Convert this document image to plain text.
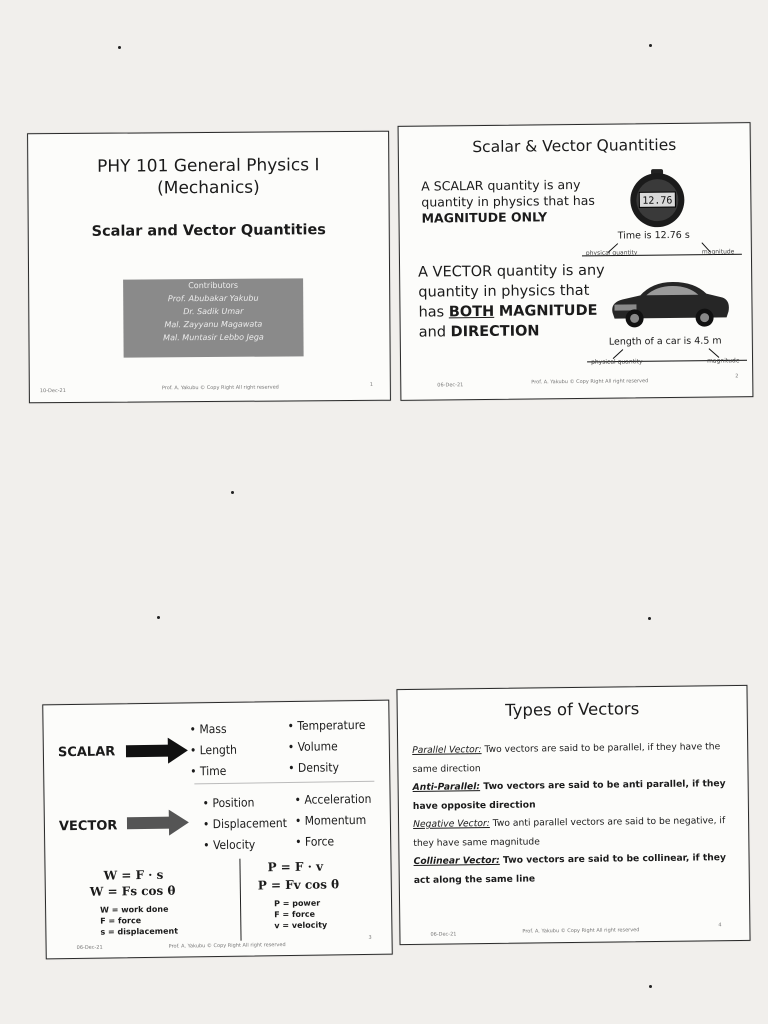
PHY 101 General Physics I
(Mechanics)
Scalar and Vector Quantities
Contributors
Prof. Abubakar Yakubu
Dr. Sadik Umar
Mal. Zayyanu Magawata
Mal. Muntasir Lebbo Jega
10-Dec-21	Prof. A. Yakubu © Copy Right All right reserved	1
Scalar & Vector Quantities
A SCALAR quantity is any quantity in physics that has MAGNITUDE ONLY
12.76
Time is 12.76 s
physical quantity	magnitude
A VECTOR quantity is any quantity in physics that has BOTH MAGNITUDE and DIRECTION
Length of a car is 4.5 m
physical quantity	magnitude
06-Dec-21	Prof. A. Yakubu © Copy Right All right reserved
2
SCALAR
• Mass
• Length
• Time
• Temperature
• Volume
• Density
VECTOR
• Position
• Displacement
• Velocity
• Acceleration
• Momentum
• Force
W = F · s
W = Fs cos θ
W = work done
F = force
s = displacement
P = F · v
P = Fv cos θ
P = power
F = force
v = velocity
06-Dec-21	Prof. A. Yakubu © Copy Right All right reserved
3
Types of Vectors
Parallel Vector: Two vectors are said to be parallel, if they have the same direction
Anti-Parallel: Two vectors are said to be anti parallel, if they have opposite direction
Negative Vector: Two anti parallel vectors are said to be negative, if they have same magnitude
Collinear Vector: Two vectors are said to be collinear, if they act along the same line
06-Dec-21	Prof. A. Yakubu © Copy Right All right reserved
4
